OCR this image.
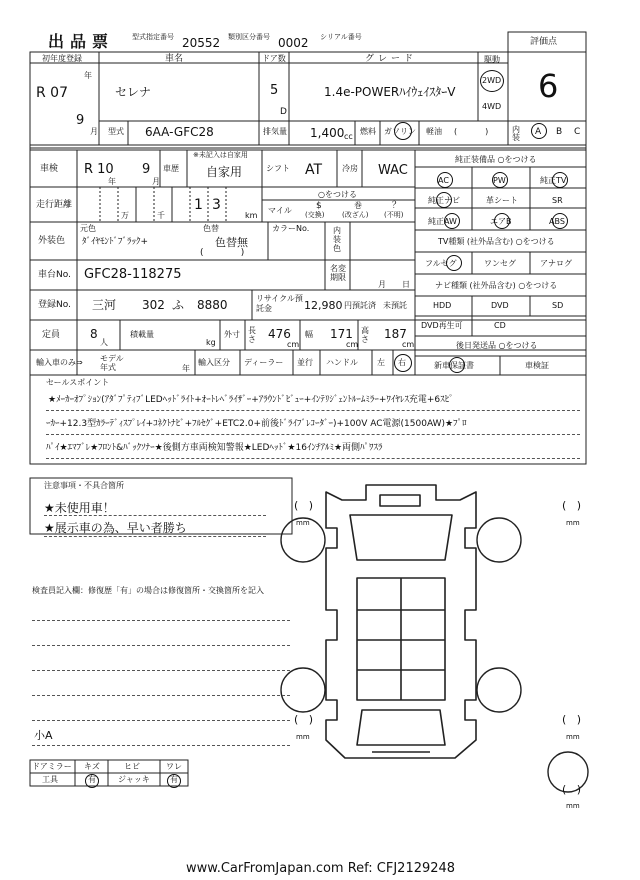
出品票	型式指定番号 20552 類別区分番号 0002 シリアル番号	評価点
6
初年度登録
年
R 07
9
月
車名
セレナ
ドア数
5
D
グレード
1.4e-POWERﾊｲｳｪｲｽﾀｰV
駆動
2WD
4WD
型式 6AA-GFC28	排気量 1,400 cc
燃料 ガソリン 軽油 (           )	内装
A B C
車検 R 10
年
9
月
車歴
※未記入は自家用
自家用	シフト AT 冷房 WAC
走行距離	1 3
万	千	km
○をつける
マイル	$
(交換)
巻
(改ざん)
？
(不明)
元色
外装色 ﾀﾞｲﾔﾓﾝﾄﾞﾌﾞﾗｯｸ+
色替
色替無
(             )
カラーNo.	内装色
車台No. GFC28-118275	名変期限
月 日
登録No. 三河 302 ふ 8880	リサイクル預託金	12,980 円 預託済 未預託
定員 8
人
積載量
kg
外寸 長さ 476
cm
幅 171
cm
高さ 187
cm
輸入車のみ⇒ モデル年式	年
輸入区分 ディーラー 並行 ハンドル 左 右
純正装備品 ○をつける
AC	PW	純正TV
純正ナビ	革シート	SR
純正AW	エアB	ABS
TV種類 (社外品含む) ○をつける
フルセグ	ワンセグ	アナログ
ナビ種類 (社外品含む) ○をつける
HDD	DVD	SD
DVD再生可	CD
後日発送品 ○をつける
新車保証書	車検証
セールスポイント
★ﾒｰｶｰｵﾌﾟｼｮﾝ(ｱﾀﾞﾌﾟﾃｨﾌﾞLEDﾍｯﾄﾞﾗｲﾄ+ｵｰﾄﾚﾍﾞﾗｲｻﾞｰ+ｱﾗｳﾝﾄﾞﾋﾞｭｰ+ｲﾝﾃﾘｼﾞｪﾝﾄﾙｰﾑﾐﾗｰ+ﾜｲﾔﾚｽ充電+6ｽﾋﾟ
ｰｶｰ+12.3型ｶﾗｰﾃﾞｨｽﾌﾟﾚｲ+ｺﾈｸﾄﾅﾋﾞ+ﾌﾙｾｸﾞ+ETC2.0+前後ﾄﾞﾗｲﾌﾞﾚｺｰﾀﾞｰ)+100V AC電源(1500AW)★ﾌﾟﾛ
ﾊﾟｲ★ｴﾏﾌﾞﾚ★ﾌﾛﾝﾄ&ﾊﾞｯｸｿﾅｰ★後側方車両検知警報★LEDﾍｯﾄﾞ★16ｲﾝﾁｱﾙﾐ★両側ﾊﾟﾜｽﾗ
注意事項・不具合箇所
★未使用車！
★展示車の為、早い者勝ち
検査員記入欄：修復歴「有」の場合は修復箇所・交換箇所を記入
小A
(   )
mm
(   )
mm
(   )
mm
(   )
mm
(   )
mm
ドアミラー キズ	ヒビ	ワレ
工具	有	ジャッキ	有
www.CarFromJapan.com Ref: CFJ2129248
